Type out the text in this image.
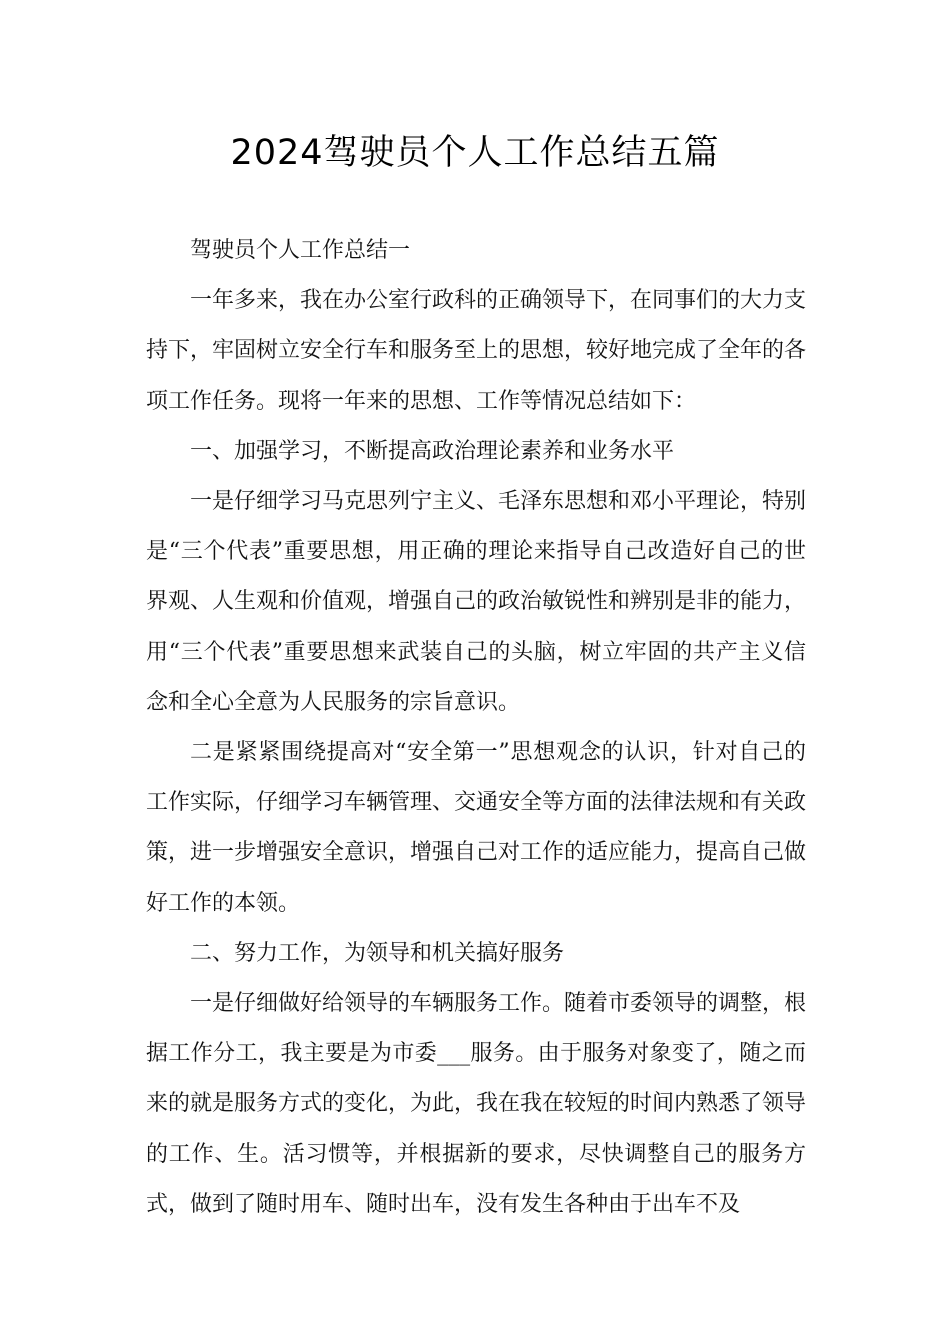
2024驾驶员个人工作总结五篇

驾驶员个人工作总结一

一年多来，我在办公室行政科的正确领导下，在同事们的大力支持下，牢固树立安全行车和服务至上的思想，较好地完成了全年的各项工作任务。现将一年来的思想、工作等情况总结如下：

一、加强学习，不断提高政治理论素养和业务水平

一是仔细学习马克思列宁主义、毛泽东思想和邓小平理论，特别是“三个代表”重要思想，用正确的理论来指导自己改造好自己的世界观、人生观和价值观，增强自己的政治敏锐性和辨别是非的能力，用“三个代表”重要思想来武装自己的头脑，树立牢固的共产主义信念和全心全意为人民服务的宗旨意识。

二是紧紧围绕提高对“安全第一”思想观念的认识，针对自己的工作实际，仔细学习车辆管理、交通安全等方面的法律法规和有关政策，进一步增强安全意识，增强自己对工作的适应能力，提高自己做好工作的本领。

二、努力工作，为领导和机关搞好服务

一是仔细做好给领导的车辆服务工作。随着市委领导的调整，根据工作分工，我主要是为市委___服务。由于服务对象变了，随之而来的就是服务方式的变化，为此，我在我在较短的时间内熟悉了领导的工作、生。活习惯等，并根据新的要求，尽快调整自己的服务方式，做到了随时用车、随时出车，没有发生各种由于出车不及
